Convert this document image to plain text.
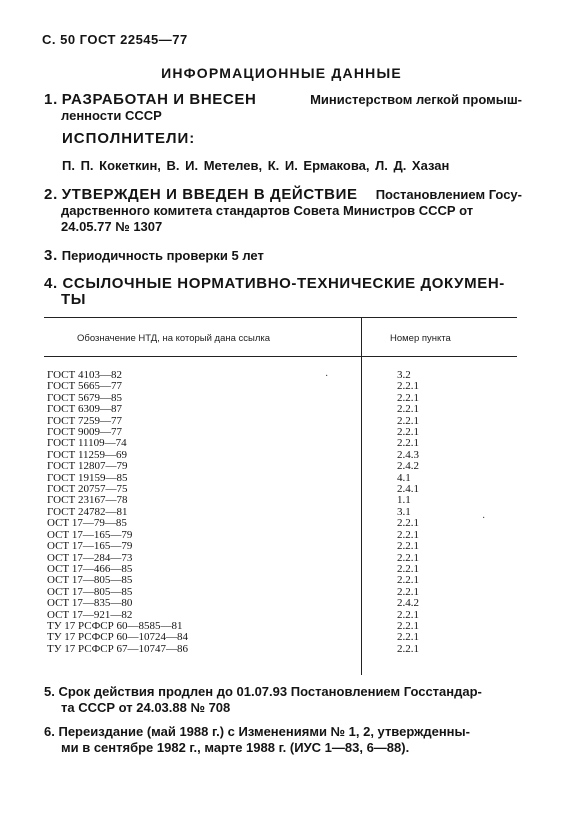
С. 50 ГОСТ 22545—77
ИНФОРМАЦИОННЫЕ ДАННЫЕ
1. РАЗРАБОТАН И ВНЕСЕН	Министерством легкой промыш-
ленности СССР
ИСПОЛНИТЕЛИ:
П. П. Кокеткин, В. И. Метелев, К. И. Ермакова, Л. Д. Хазан
2. УТВЕРЖДЕН И ВВЕДЕН В ДЕЙСТВИЕ Постановлением Госу-
дарственного комитета стандартов Совета Министров СССР от
24.05.77 № 1307
3. Периодичность проверки 5 лет
4. ССЫЛОЧНЫЕ НОРМАТИВНО-ТЕХНИЧЕСКИЕ ДОКУМЕН-
ТЫ
Обозначение НТД, на который дана ссылка	Номер пункта
ГОСТ 4103—82	3.2
ГОСТ 5665—77	2.2.1
ГОСТ 5679—85	2.2.1
ГОСТ 6309—87	2.2.1
ГОСТ 7259—77	2.2.1
ГОСТ 9009—77	2.2.1
ГОСТ 11109—74	2.2.1
ГОСТ 11259—69	2.4.3
ГОСТ 12807—79	2.4.2
ГОСТ 19159—85	4.1
ГОСТ 20757—75	2.4.1
ГОСТ 23167—78	1.1
ГОСТ 24782—81	3.1
ОСТ 17—79—85	2.2.1
ОСТ 17—165—79	2.2.1
ОСТ 17—165—79	2.2.1
ОСТ 17—284—73	2.2.1
ОСТ 17—466—85	2.2.1
ОСТ 17—805—85	2.2.1
ОСТ 17—805—85	2.2.1
ОСТ 17—835—80	2.4.2
ОСТ 17—921—82	2.2.1
ТУ 17 РСФСР 60—8585—81	2.2.1
ТУ 17 РСФСР 60—10724—84	2.2.1
ТУ 17 РСФСР 67—10747—86	2.2.1
·
·
5. Срок действия продлен до 01.07.93 Постановлением Госстандар-
та СССР от 24.03.88 № 708
6. Переиздание (май 1988 г.) с Изменениями № 1, 2, утвержденны-
ми в сентябре 1982 г., марте 1988 г. (ИУС 1—83, 6—88).
